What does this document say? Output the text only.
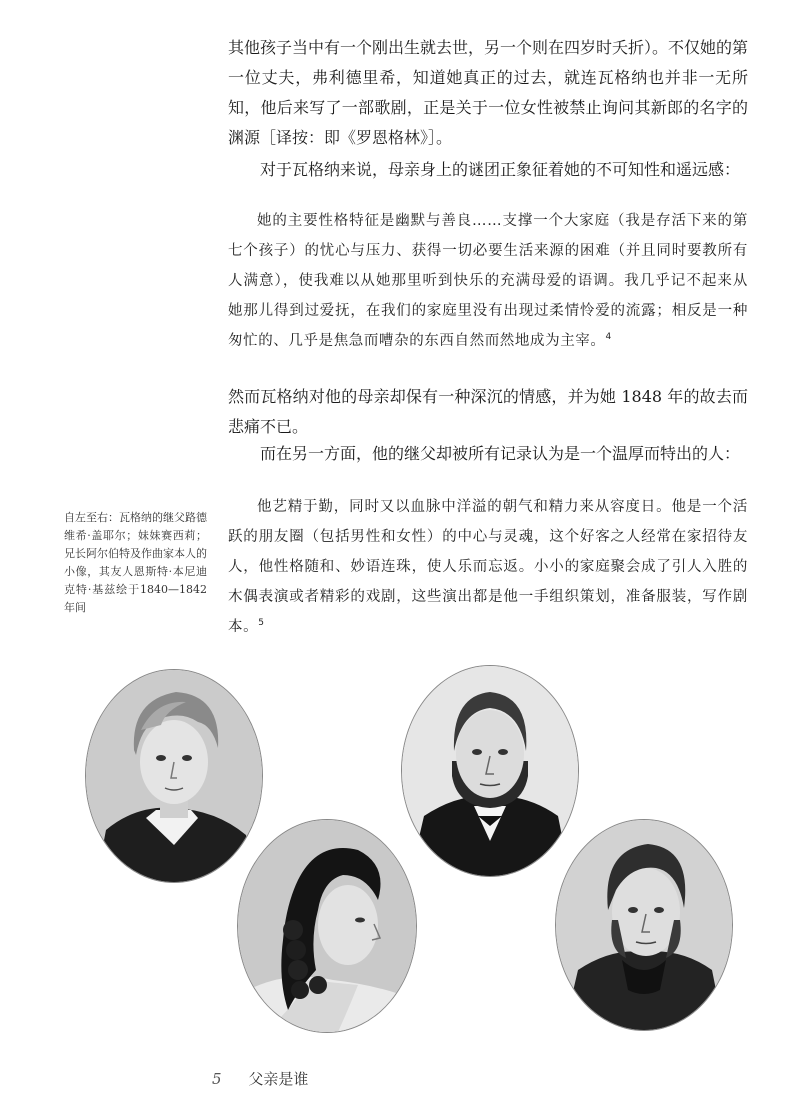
其他孩子当中有一个刚出生就去世，另一个则在四岁时夭折）。不仅她的第一位丈夫，弗利德里希，知道她真正的过去，就连瓦格纳也并非一无所知，他后来写了一部歌剧，正是关于一位女性被禁止询问其新郎的名字的渊源［译按：即《罗恩格林》］。

对于瓦格纳来说，母亲身上的谜团正象征着她的不可知性和遥远感：

她的主要性格特征是幽默与善良……支撑一个大家庭（我是存活下来的第七个孩子）的忧心与压力、获得一切必要生活来源的困难（并且同时要教所有人满意），使我难以从她那里听到快乐的充满母爱的语调。我几乎记不起来从她那儿得到过爱抚，在我们的家庭里没有出现过柔情怜爱的流露；相反是一种匆忙的、几乎是焦急而嘈杂的东西自然而然地成为主宰。$^4$

然而瓦格纳对他的母亲却保有一种深沉的情感，并为她 1848 年的故去而悲痛不已。

而在另一方面，他的继父却被所有记录认为是一个温厚而特出的人：

他艺精于勤，同时又以血脉中洋溢的朝气和精力来从容度日。他是一个活跃的朋友圈（包括男性和女性）的中心与灵魂，这个好客之人经常在家招待友人，他性格随和、妙语连珠，使人乐而忘返。小小的家庭聚会成了引人入胜的木偶表演或者精彩的戏剧，这些演出都是他一手组织策划，准备服装，写作剧本。$^5$

自左至右：瓦格纳的继父路德维希·盖耶尔；妹妹赛西莉；兄长阿尔伯特及作曲家本人的小像，其友人恩斯特·本尼迪克特·基兹绘于1840—1842年间

5 父亲是谁
